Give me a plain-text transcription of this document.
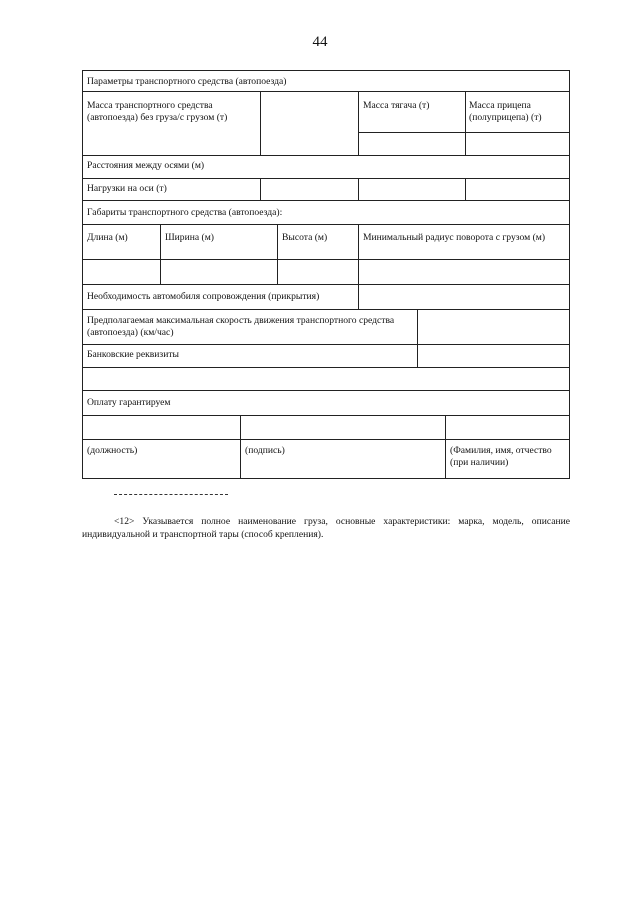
44
Параметры транспортного средства (автопоезда)
Масса транспортного средства (автопоезда) без груза/с грузом (т)
Масса тягача (т)	Масса прицепа (полуприцепа) (т)
Расстояния между осями (м)
Нагрузки на оси (т)
Габариты транспортного средства (автопоезда):
Длина (м)	Ширина (м)	Высота (м)	Минимальный радиус поворота с грузом (м)
Необходимость автомобиля сопровождения (прикрытия)
Предполагаемая максимальная скорость движения транспортного средства (автопоезда) (км/час)
Банковские реквизиты
Оплату гарантируем
(должность)	(подпись)	(Фамилия, имя, отчество (при наличии)
<12> Указывается полное наименование груза, основные характеристики: марка, модель, описание индивидуальной и транспортной тары (способ крепления).
